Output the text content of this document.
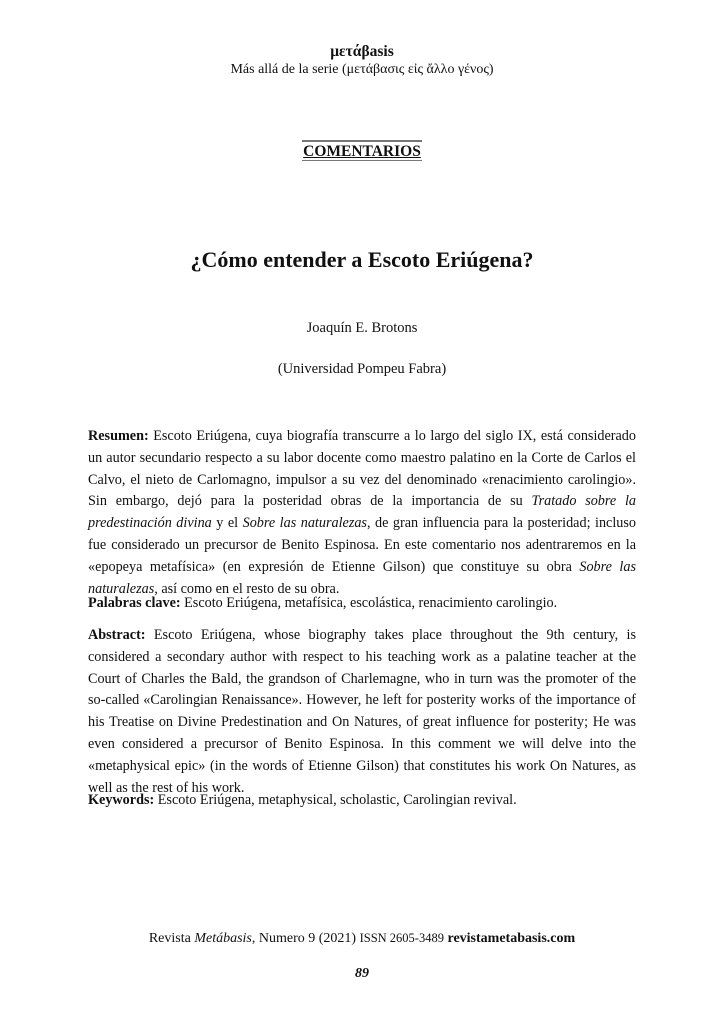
μετάβasis
Más allá de la serie (μετάβασις εἰς ἄλλο γένος)
COMENTARIOS
¿Cómo entender a Escoto Eriúgena?
Joaquín E. Brotons
(Universidad Pompeu Fabra)
Resumen: Escoto Eriúgena, cuya biografía transcurre a lo largo del siglo IX, está considerado un autor secundario respecto a su labor docente como maestro palatino en la Corte de Carlos el Calvo, el nieto de Carlomagno, impulsor a su vez del denominado «renacimiento carolingio». Sin embargo, dejó para la posteridad obras de la importancia de su Tratado sobre la predestinación divina y el Sobre las naturalezas, de gran influencia para la posteridad; incluso fue considerado un precursor de Benito Espinosa. En este comentario nos adentraremos en la «epopeya metafísica» (en expresión de Etienne Gilson) que constituye su obra Sobre las naturalezas, así como en el resto de su obra.
Palabras clave: Escoto Eriúgena, metafísica, escolástica, renacimiento carolingio.
Abstract: Escoto Eriúgena, whose biography takes place throughout the 9th century, is considered a secondary author with respect to his teaching work as a palatine teacher at the Court of Charles the Bald, the grandson of Charlemagne, who in turn was the promoter of the so-called «Carolingian Renaissance». However, he left for posterity works of the importance of his Treatise on Divine Predestination and On Natures, of great influence for posterity; He was even considered a precursor of Benito Espinosa. In this comment we will delve into the «metaphysical epic» (in the words of Etienne Gilson) that constitutes his work On Natures, as well as the rest of his work.
Keywords: Escoto Eriúgena, metaphysical, scholastic, Carolingian revival.
Revista Metábasis, Numero 9 (2021) ISSN 2605-3489 revistametabasis.com
89
